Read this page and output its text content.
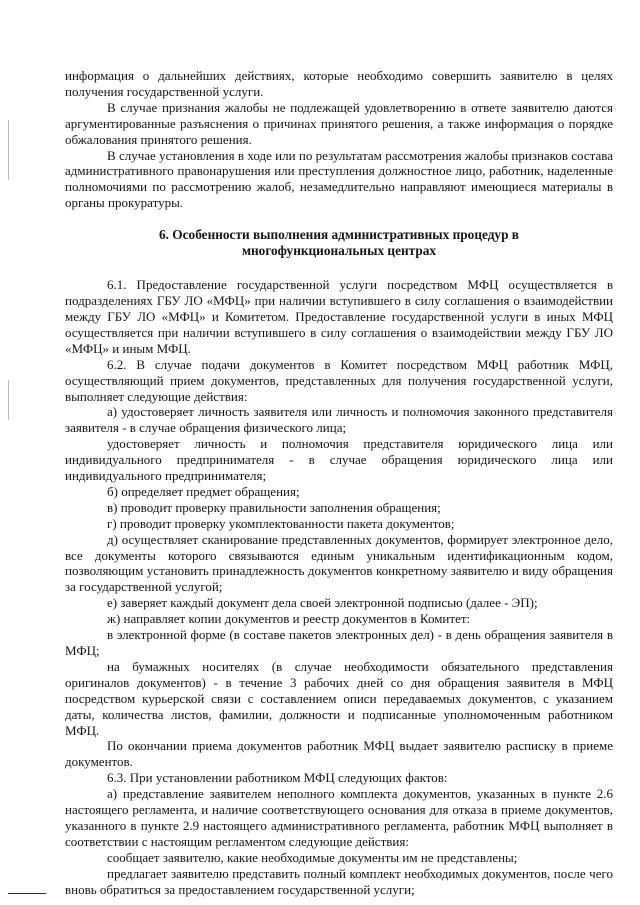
информация о дальнейших действиях, которые необходимо совершить заявителю в целях получения государственной услуги.

В случае признания жалобы не подлежащей удовлетворению в ответе заявителю даются аргументированные разъяснения о причинах принятого решения, а также информация о порядке обжалования принятого решения.

В случае установления в ходе или по результатам рассмотрения жалобы признаков состава административного правонарушения или преступления должностное лицо, работник, наделенные полномочиями по рассмотрению жалоб, незамедлительно направляют имеющиеся материалы в органы прокуратуры.

6. Особенности выполнения административных процедур в многофункциональных центрах

6.1. Предоставление государственной услуги посредством МФЦ осуществляется в подразделениях ГБУ ЛО «МФЦ» при наличии вступившего в силу соглашения о взаимодействии между ГБУ ЛО «МФЦ» и Комитетом. Предоставление государственной услуги в иных МФЦ осуществляется при наличии вступившего в силу соглашения о взаимодействии между ГБУ ЛО «МФЦ» и иным МФЦ.

6.2. В случае подачи документов в Комитет посредством МФЦ работник МФЦ, осуществляющий прием документов, представленных для получения государственной услуги, выполняет следующие действия:

а) удостоверяет личность заявителя или личность и полномочия законного представителя заявителя - в случае обращения физического лица;

удостоверяет личность и полномочия представителя юридического лица или индивидуального предпринимателя - в случае обращения юридического лица или индивидуального предпринимателя;

б) определяет предмет обращения;

в) проводит проверку правильности заполнения обращения;

г) проводит проверку укомплектованности пакета документов;

д) осуществляет сканирование представленных документов, формирует электронное дело, все документы которого связываются единым уникальным идентификационным кодом, позволяющим установить принадлежность документов конкретному заявителю и виду обращения за государственной услугой;

е) заверяет каждый документ дела своей электронной подписью (далее - ЭП);

ж) направляет копии документов и реестр документов в Комитет:

в электронной форме (в составе пакетов электронных дел) - в день обращения заявителя в МФЦ;

на бумажных носителях (в случае необходимости обязательного представления оригиналов документов) - в течение 3 рабочих дней со дня обращения заявителя в МФЦ посредством курьерской связи с составлением описи передаваемых документов, с указанием даты, количества листов, фамилии, должности и подписанные уполномоченным работником МФЦ.

По окончании приема документов работник МФЦ выдает заявителю расписку в приеме документов.

6.3. При установлении работником МФЦ следующих фактов:

а) представление заявителем неполного комплекта документов, указанных в пункте 2.6 настоящего регламента, и наличие соответствующего основания для отказа в приеме документов, указанного в пункте 2.9 настоящего административного регламента, работник МФЦ выполняет в соответствии с настоящим регламентом следующие действия:

сообщает заявителю, какие необходимые документы им не представлены;

предлагает заявителю представить полный комплект необходимых документов, после чего вновь обратиться за предоставлением государственной услуги;
